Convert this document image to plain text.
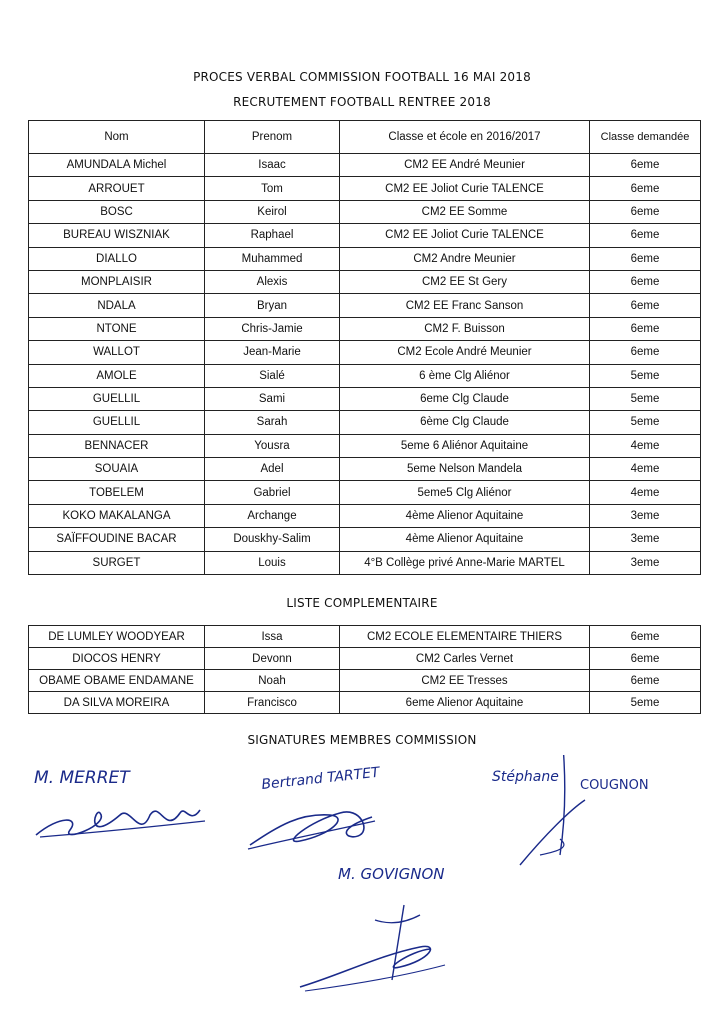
PROCES VERBAL COMMISSION FOOTBALL 16 MAI 2018
RECRUTEMENT FOOTBALL RENTREE 2018
Nom	Prenom	Classe et école en 2016/2017	Classe demandée
AMUNDALA Michel	Isaac	CM2 EE André Meunier	6eme
ARROUET	Tom	CM2 EE Joliot Curie TALENCE	6eme
BOSC	Keirol	CM2 EE Somme	6eme
BUREAU WISZNIAK	Raphael	CM2 EE Joliot Curie TALENCE	6eme
DIALLO	Muhammed	CM2 Andre Meunier	6eme
MONPLAISIR	Alexis	CM2 EE St Gery	6eme
NDALA	Bryan	CM2 EE Franc Sanson	6eme
NTONE	Chris-Jamie	CM2 F. Buisson	6eme
WALLOT	Jean-Marie	CM2 Ecole André Meunier	6eme
AMOLE	Sialé	6 ème Clg Aliénor	5eme
GUELLIL	Sami	6eme Clg Claude	5eme
GUELLIL	Sarah	6ème Clg Claude	5eme
BENNACER	Yousra	5eme 6 Aliénor Aquitaine	4eme
SOUAIA	Adel	5eme Nelson Mandela	4eme
TOBELEM	Gabriel	5eme5 Clg Aliénor	4eme
KOKO MAKALANGA	Archange	4ème Alienor Aquitaine	3eme
SAÏFFOUDINE BACAR	Douskhy-Salim	4ème Alienor Aquitaine	3eme
SURGET	Louis	4°B Collège privé Anne-Marie MARTEL	3eme
LISTE COMPLEMENTAIRE
DE LUMLEY WOODYEAR	Issa	CM2 ECOLE ELEMENTAIRE THIERS	6eme
DIOCOS HENRY	Devonn	CM2 Carles Vernet	6eme
OBAME OBAME ENDAMANE	Noah	CM2 EE Tresses	6eme
DA SILVA MOREIRA	Francisco	6eme Alienor Aquitaine	5eme
SIGNATURES MEMBRES COMMISSION
M. MERRET	Bertrand TARTET	Stéphane
COUGNON
M. GOVIGNON
